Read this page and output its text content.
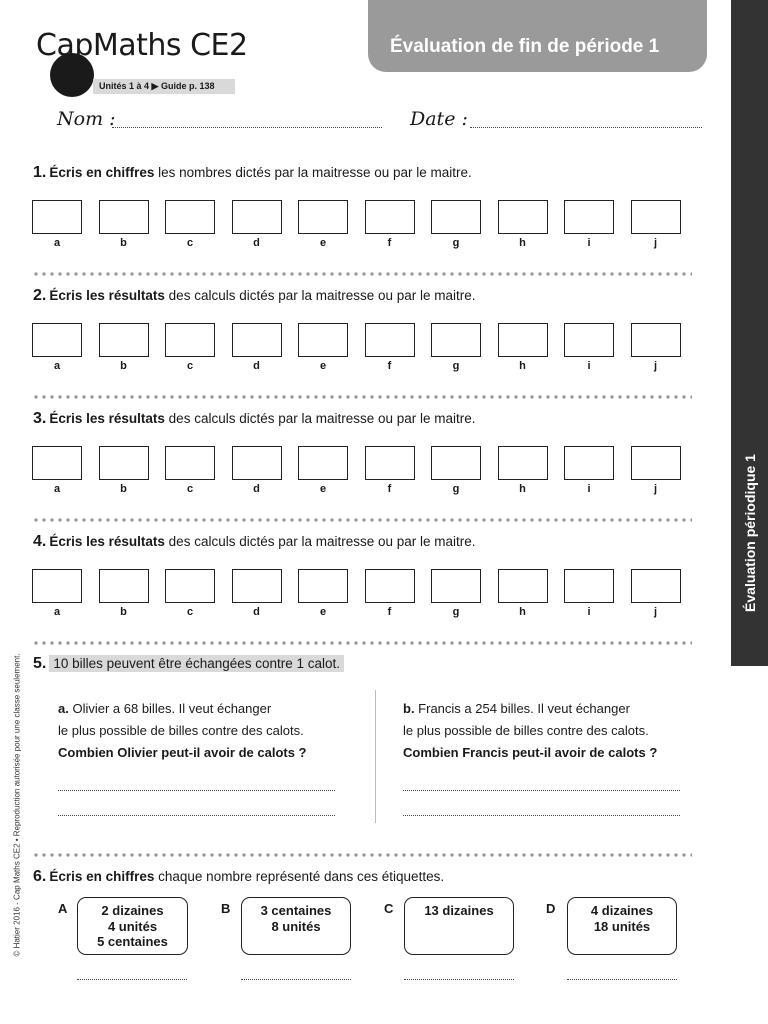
CapMaths CE2
Unités 1 à 4 ▶ Guide p. 138
Évaluation de fin de période 1
Évaluation périodique 1
© Hatier 2016 - Cap Maths CE2 • Reproduction autorisée pour une classe seulement.
Nom :	Date :
1. Écris en chiffres les nombres dictés par la maitresse ou par le maitre.
a	b	c	d	e	f	g	h	i	j
2. Écris les résultats des calculs dictés par la maitresse ou par le maitre.
a	b	c	d	e	f	g	h	i	j
3. Écris les résultats des calculs dictés par la maitresse ou par le maitre.
a	b	c	d	e	f	g	h	i	j
4. Écris les résultats des calculs dictés par la maitresse ou par le maitre.
a	b	c	d	e	f	g	h	i	j
5. 10 billes peuvent être échangées contre 1 calot.
a. Olivier a 68 billes. Il veut échanger
le plus possible de billes contre des calots.
Combien Olivier peut-il avoir de calots ?
b. Francis a 254 billes. Il veut échanger
le plus possible de billes contre des calots.
Combien Francis peut-il avoir de calots ?
6. Écris en chiffres chaque nombre représenté dans ces étiquettes.
A	2 dizaines
4 unités
5 centaines
B	3 centaines
8 unités
C	13 dizaines	D	4 dizaines
18 unités
